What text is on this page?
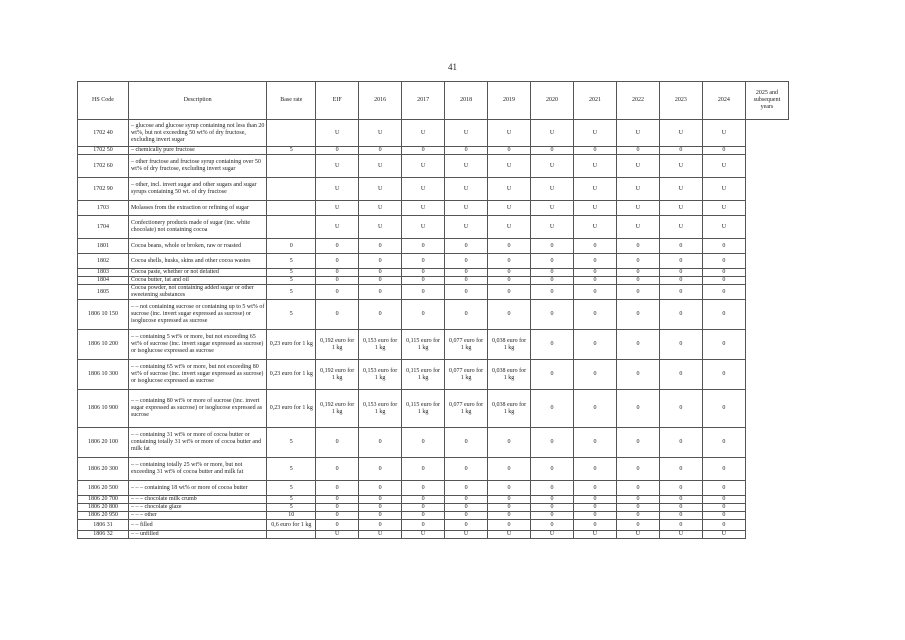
41
HS Code	Description	Base rate	EIF	2016	2017	2018	2019	2020	2021	2022	2023	2024	2025 and subsequent years
1702 40	– glucose and glucose syrup containing not less than 20 wt%, but not exceeding 50 wt% of dry fructose, excluding invert sugar		U	U	U	U	U	U	U	U	U	U	
1702 50	– chemically pure fructose	5	0	0	0	0	0	0	0	0	0	0	
1702 60	– other fructose and fructose syrup containing over 50 wt% of dry fructose, excluding invert sugar		U	U	U	U	U	U	U	U	U	U	
1702 90	– other, incl. invert sugar and other sugars and sugar syrups containing 50 wt. of dry fructose		U	U	U	U	U	U	U	U	U	U	
1703	Molasses from the extraction or refining of sugar		U	U	U	U	U	U	U	U	U	U	
1704	Confectionery products made of sugar (inc. white chocolate) not containing cocoa		U	U	U	U	U	U	U	U	U	U	
1801	Cocoa beans, whole or broken, raw or roasted	0	0	0	0	0	0	0	0	0	0	0	
1802	Cocoa shells, husks, skins and other cocoa wastes	5	0	0	0	0	0	0	0	0	0	0	
1803	Cocoa paste, whether or not defatted	5	0	0	0	0	0	0	0	0	0	0	
1804	Cocoa butter, fat and oil	5	0	0	0	0	0	0	0	0	0	0	
1805	Cocoa powder, not containing added sugar or other sweetening substances	5	0	0	0	0	0	0	0	0	0	0	
1806 10 150	– – not containing sucrose or containing up to 5 wt% of sucrose (inc. invert sugar expressed as sucrose) or isoglucose expressed as sucrose	5	0	0	0	0	0	0	0	0	0	0	
1806 10 200	– – containing 5 wt% or more, but not exceeding 65 wt% of sucrose (inc. invert sugar expressed as sucrose) or isoglucose expressed as sucrose	0,23 euro for 1 kg	0,192 euro for 1 kg	0,153 euro for 1 kg	0,115 euro for 1 kg	0,077 euro for 1 kg	0,038 euro for 1 kg	0	0	0	0	0	
1806 10 300	– – containing 65 wt% or more, but not exceeding 80 wt% of sucrose (inc. invert sugar expressed as sucrose) or isoglucose expressed as sucrose	0,23 euro for 1 kg	0,192 euro for 1 kg	0,153 euro for 1 kg	0,115 euro for 1 kg	0,077 euro for 1 kg	0,038 euro for 1 kg	0	0	0	0	0	
1806 10 900	– – containing 80 wt% or more of sucrose (inc. invert sugar expressed as sucrose) or isoglucose expressed as sucrose	0,23 euro for 1 kg	0,192 euro for 1 kg	0,153 euro for 1 kg	0,115 euro for 1 kg	0,077 euro for 1 kg	0,038 euro for 1 kg	0	0	0	0	0	
1806 20 100	– – containing 31 wt% or more of cocoa butter or containing totally 31 wt% or more of cocoa butter and milk fat	5	0	0	0	0	0	0	0	0	0	0	
1806 20 300	– – containing totally 25 wt% or more, but not exceeding 31 wt% of cocoa butter and milk fat	5	0	0	0	0	0	0	0	0	0	0	
1806 20 500	– – – containing 18 wt% or more of cocoa butter	5	0	0	0	0	0	0	0	0	0	0	
1806 20 700	– – – chocolate milk crumb	5	0	0	0	0	0	0	0	0	0	0	
1806 20 800	– – – chocolate glaze	5	0	0	0	0	0	0	0	0	0	0	
1806 20 950	– – – other	10	0	0	0	0	0	0	0	0	0	0	
1806 31	– – filled	0,6 euro for 1 kg	0	0	0	0	0	0	0	0	0	0	
1806 32	– – unfilled		U	U	U	U	U	U	U	U	U	U	
